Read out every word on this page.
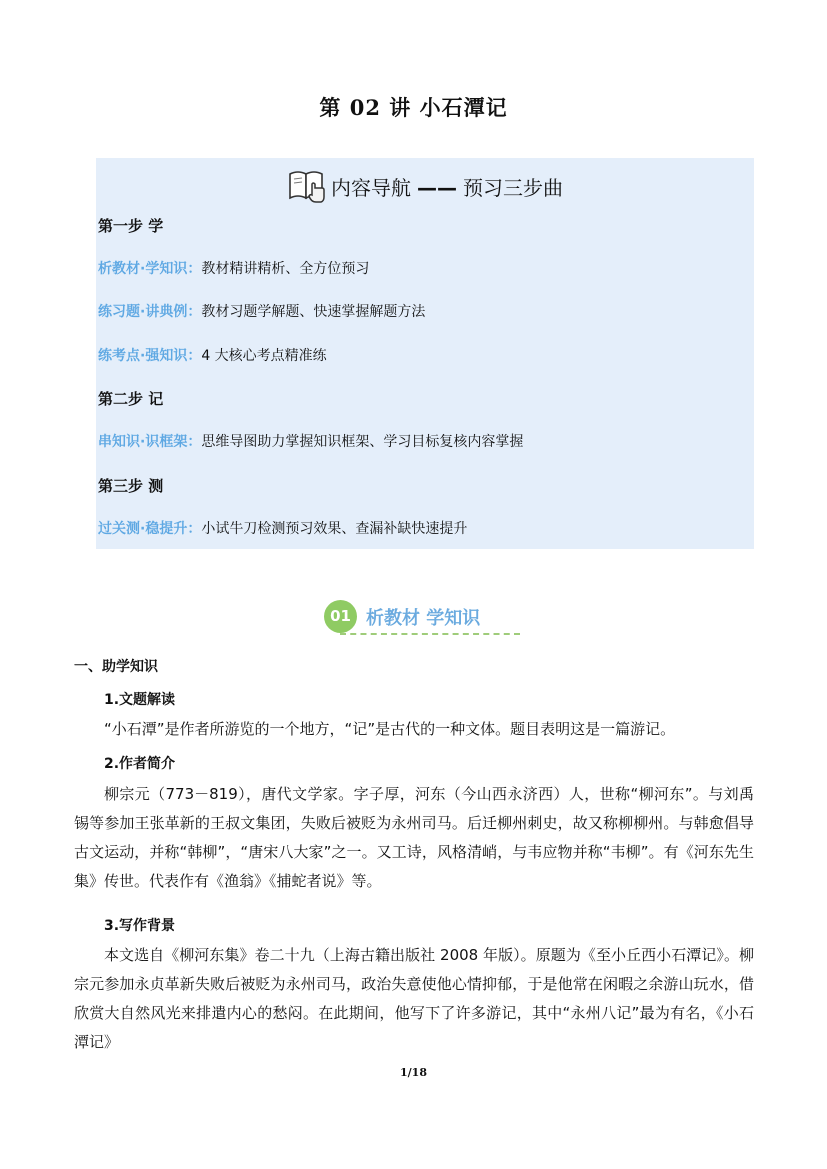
第 02 讲 小石潭记
内容导航 —— 预习三步曲
第一步 学
析教材·学知识：教材精讲精析、全方位预习
练习题·讲典例：教材习题学解题、快速掌握解题方法
练考点·强知识：4 大核心考点精准练
第二步 记
串知识·识框架：思维导图助力掌握知识框架、学习目标复核内容掌握
第三步 测
过关测·稳提升：小试牛刀检测预习效果、查漏补缺快速提升
01 析教材 学知识
一、助学知识
1.文题解读
“小石潭”是作者所游览的一个地方，“记”是古代的一种文体。题目表明这是一篇游记。
2.作者简介
柳宗元（773－819），唐代文学家。字子厚，河东（今山西永济西）人，世称“柳河东”。与刘禹锡等参加王张革新的王叔文集团，失败后被贬为永州司马。后迁柳州刺史，故又称柳柳州。与韩愈倡导古文运动，并称“韩柳”，“唐宋八大家”之一。又工诗，风格清峭，与韦应物并称“韦柳”。有《河东先生集》传世。代表作有《渔翁》《捕蛇者说》等。
3.写作背景
本文选自《柳河东集》卷二十九（上海古籍出版社 2008 年版）。原题为《至小丘西小石潭记》。柳宗元参加永贞革新失败后被贬为永州司马，政治失意使他心情抑郁，于是他常在闲暇之余游山玩水，借欣赏大自然风光来排遣内心的愁闷。在此期间，他写下了许多游记，其中“永州八记”最为有名，《小石潭记》
1/18
